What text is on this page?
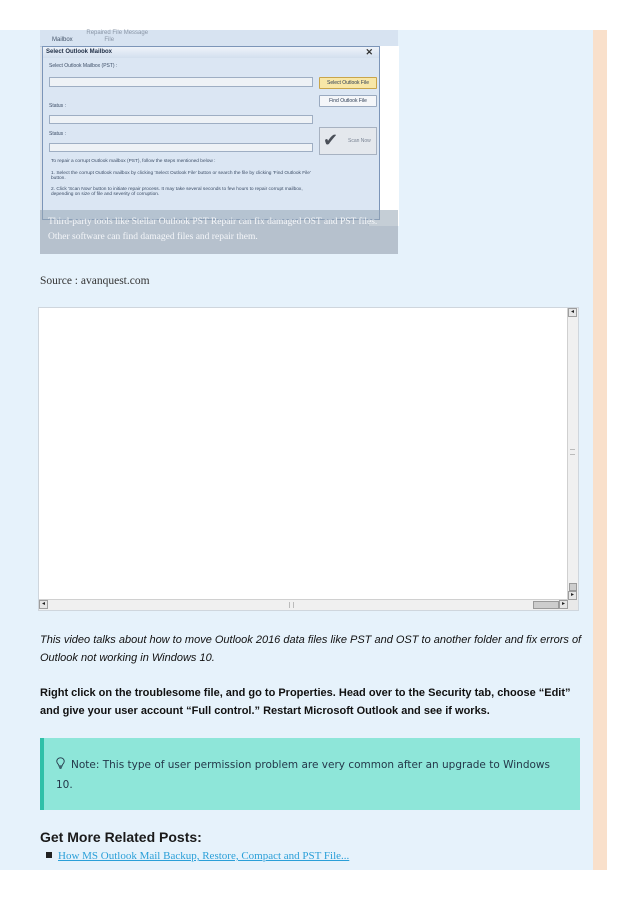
Mailbox Repaired File Message
File
Select Outlook Mailbox	✕
Select Outlook Mailbox (PST) :
Select Outlook File
Find Outlook File
Status :
Status :	✔ Scan Now
To repair a corrupt Outlook mailbox (PST), follow the steps mentioned below :
1. Select the corrupt Outlook mailbox by clicking 'Select Outlook File' button or search the file by clicking 'Find Outlook File' button.
2. Click 'Scan Now' button to initiate repair process. It may take several seconds to few hours to repair corrupt mailbox, depending on size of file and severity of corruption.
Third-party tools like Stellar Outlook PST Repair can fix damaged OST and PST files. Other software can find damaged files and repair them.
Source : avanquest.com
◂
▸
◂	▸
This video talks about how to move Outlook 2016 data files like PST and OST to another folder and fix errors of Outlook not working in Windows 10.
Right click on the troublesome file, and go to Properties. Head over to the Security tab, choose “Edit” and give your user account “Full control.” Restart Microsoft Outlook and see if works.
Note: This type of user permission problem are very common after an upgrade to Windows 10.
Get More Related Posts:
How MS Outlook Mail Backup, Restore, Compact and PST File...
